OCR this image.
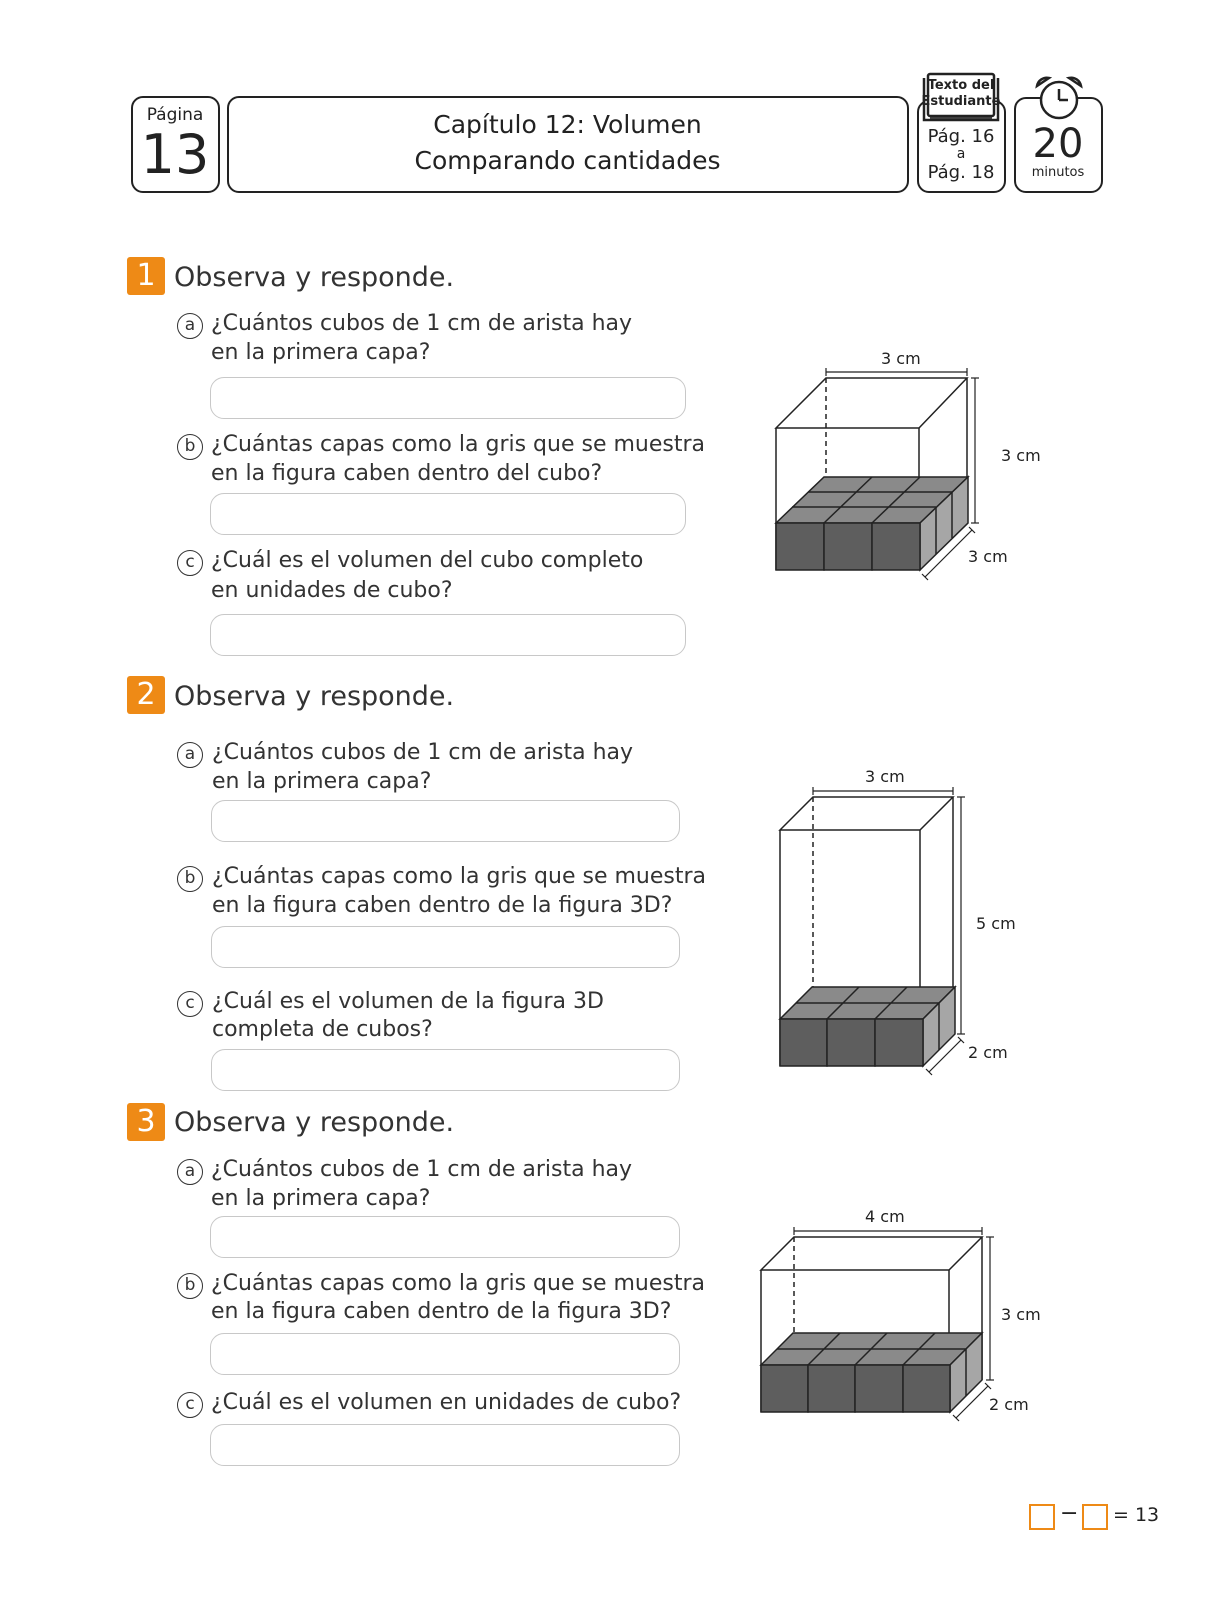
Página
13	Capítulo 12: Volumen
Comparando cantidades
Pág. 16
a
Pág. 18
Texto del
Estudiante
20
minutos
1 Observa y responde.
a ¿Cuántos cubos de 1 cm de arista hay
en la primera capa?
b ¿Cuántas capas como la gris que se muestra
en la figura caben dentro del cubo?
c ¿Cuál es el volumen del cubo completo
en unidades de cubo?
3 cm
3 cm
3 cm
2 Observa y responde.
a ¿Cuántos cubos de 1 cm de arista hay
en la primera capa?
b ¿Cuántas capas como la gris que se muestra
en la figura caben dentro de la figura 3D?
c ¿Cuál es el volumen de la figura 3D
completa de cubos?
3 cm
5 cm
2 cm
3 Observa y responde.
a ¿Cuántos cubos de 1 cm de arista hay
en la primera capa?
b ¿Cuántas capas como la gris que se muestra
en la figura caben dentro de la figura 3D?
c ¿Cuál es el volumen en unidades de cubo?
4 cm
3 cm
2 cm
− = 13
